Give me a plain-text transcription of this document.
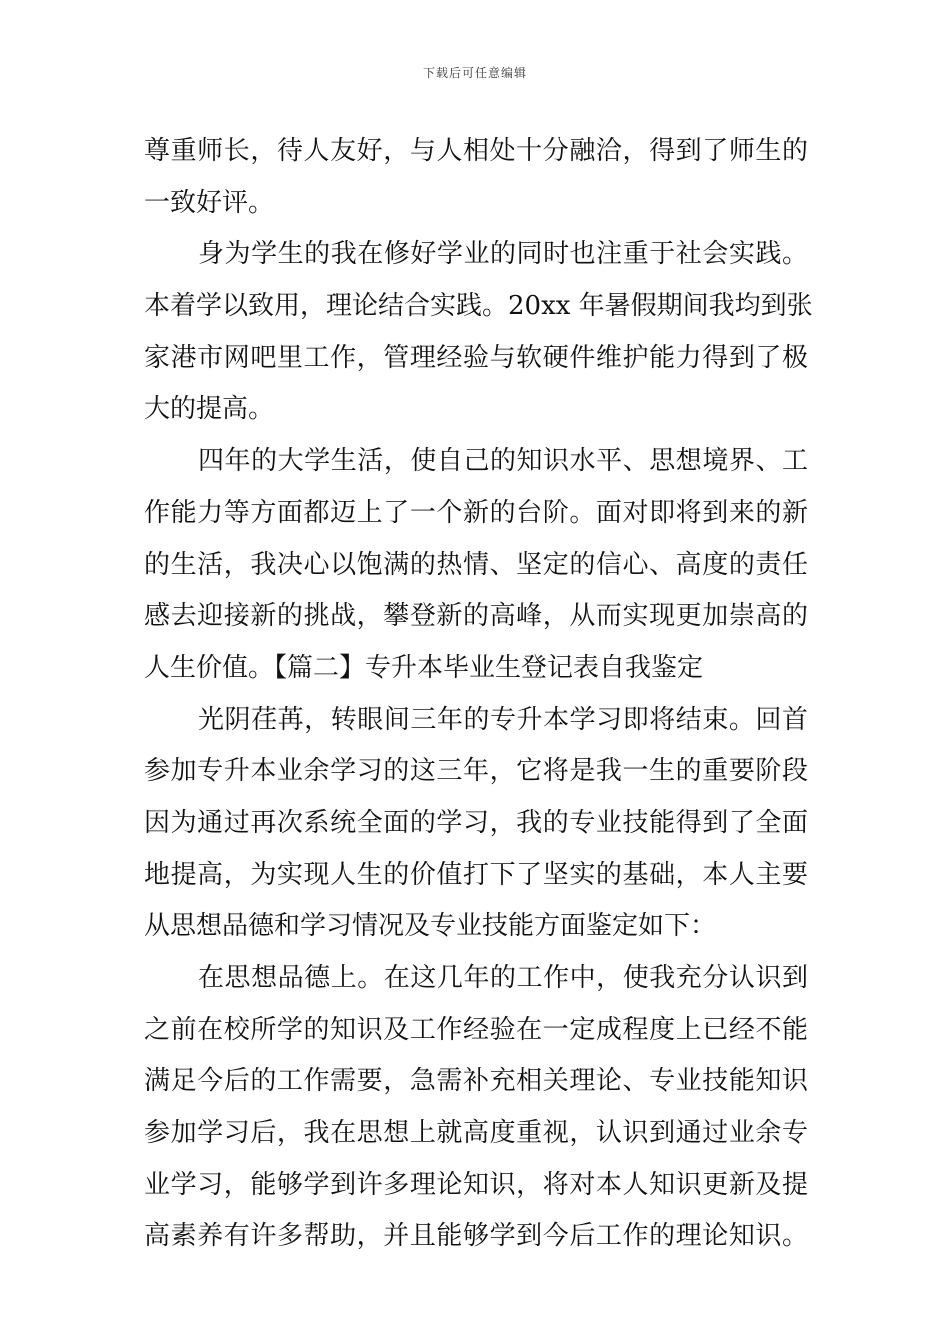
下载后可任意编辑
尊重师长，待人友好，与人相处十分融洽，得到了师生的
一致好评。
身为学生的我在修好学业的同时也注重于社会实践。
本着学以致用，理论结合实践。20xx 年暑假期间我均到张
家港市网吧里工作，管理经验与软硬件维护能力得到了极
大的提高。
四年的大学生活，使自己的知识水平、思想境界、工
作能力等方面都迈上了一个新的台阶。面对即将到来的新
的生活，我决心以饱满的热情、坚定的信心、高度的责任
感去迎接新的挑战，攀登新的高峰，从而实现更加崇高的
人生价值。【篇二】专升本毕业生登记表自我鉴定
光阴荏苒，转眼间三年的专升本学习即将结束。回首
参加专升本业余学习的这三年，它将是我一生的重要阶段
因为通过再次系统全面的学习，我的专业技能得到了全面
地提高，为实现人生的价值打下了坚实的基础，本人主要
从思想品德和学习情况及专业技能方面鉴定如下：
在思想品德上。在这几年的工作中，使我充分认识到
之前在校所学的知识及工作经验在一定成程度上已经不能
满足今后的工作需要，急需补充相关理论、专业技能知识
参加学习后，我在思想上就高度重视，认识到通过业余专
业学习，能够学到许多理论知识，将对本人知识更新及提
高素养有许多帮助，并且能够学到今后工作的理论知识。
